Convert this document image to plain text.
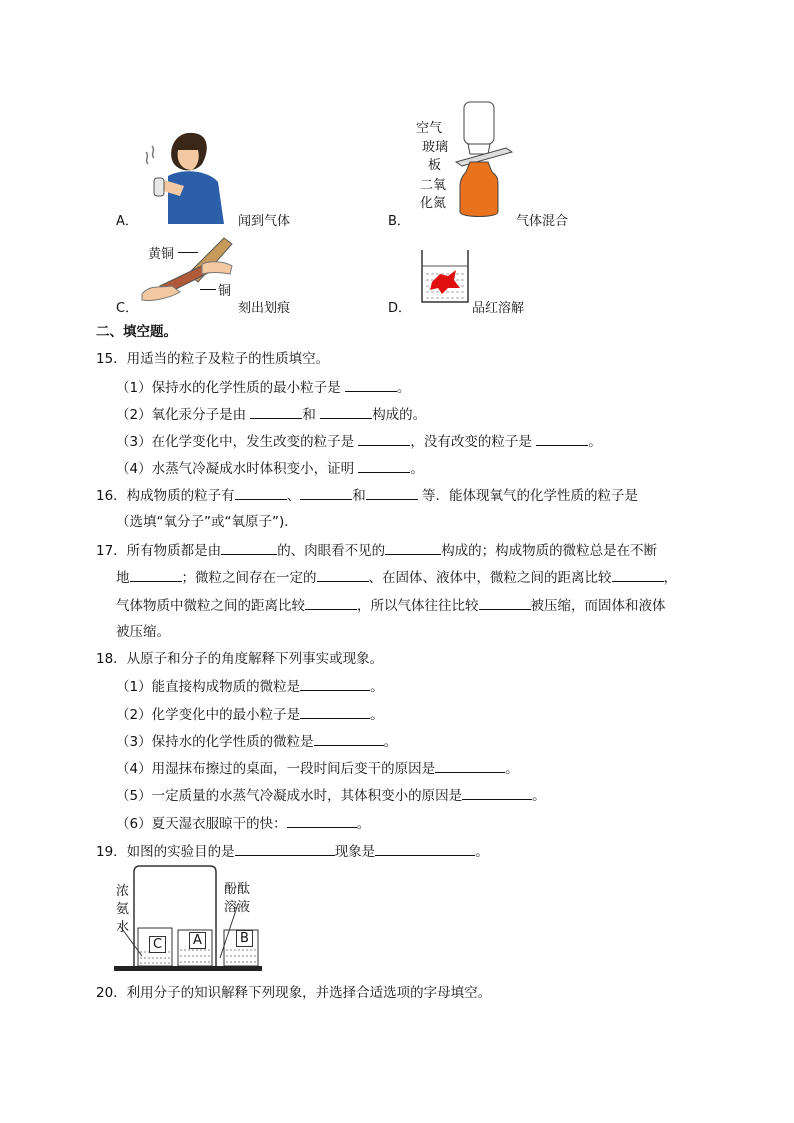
A．	闻到气体
空气
玻璃
板
二氧
化氮
B．	气体混合
黄铜
铜
C．	刻出划痕	D．	品红溶解
二、填空题。
15．用适当的粒子及粒子的性质填空。
（1）保持水的化学性质的最小粒子是	。
（2）氧化汞分子是由	和	构成的。
（3）在化学变化中，发生改变的粒子是	，没有改变的粒子是	。
（4）水蒸气冷凝成水时体积变小，证明	。
16．构成物质的粒子有	、	和	等．能体现氧气的化学性质的粒子是
（选填“氧分子”或“氧原子”)．
17．所有物质都是由	的、肉眼看不见的	构成的；构成物质的微粒总是在不断
地	；微粒之间存在一定的	、在固体、液体中，微粒之间的距离比较	，
气体物质中微粒之间的距离比较	，所以气体往往比较	被压缩，而固体和液体
被压缩。
18．从原子和分子的角度解释下列事实或现象。
（1）能直接构成物质的微粒是	。
（2）化学变化中的最小粒子是	。
（3）保持水的化学性质的微粒是	。
（4）用湿抹布擦过的桌面，一段时间后变干的原因是	。
（5）一定质量的水蒸气冷凝成水时，其体积变小的原因是	。
（6）夏天湿衣服晾干的快：	。
19．如图的实验目的是	现象是	。
浓
氨
水
酚酞
溶液
C	A	B
20．利用分子的知识解释下列现象，并选择合适选项的字母填空。
